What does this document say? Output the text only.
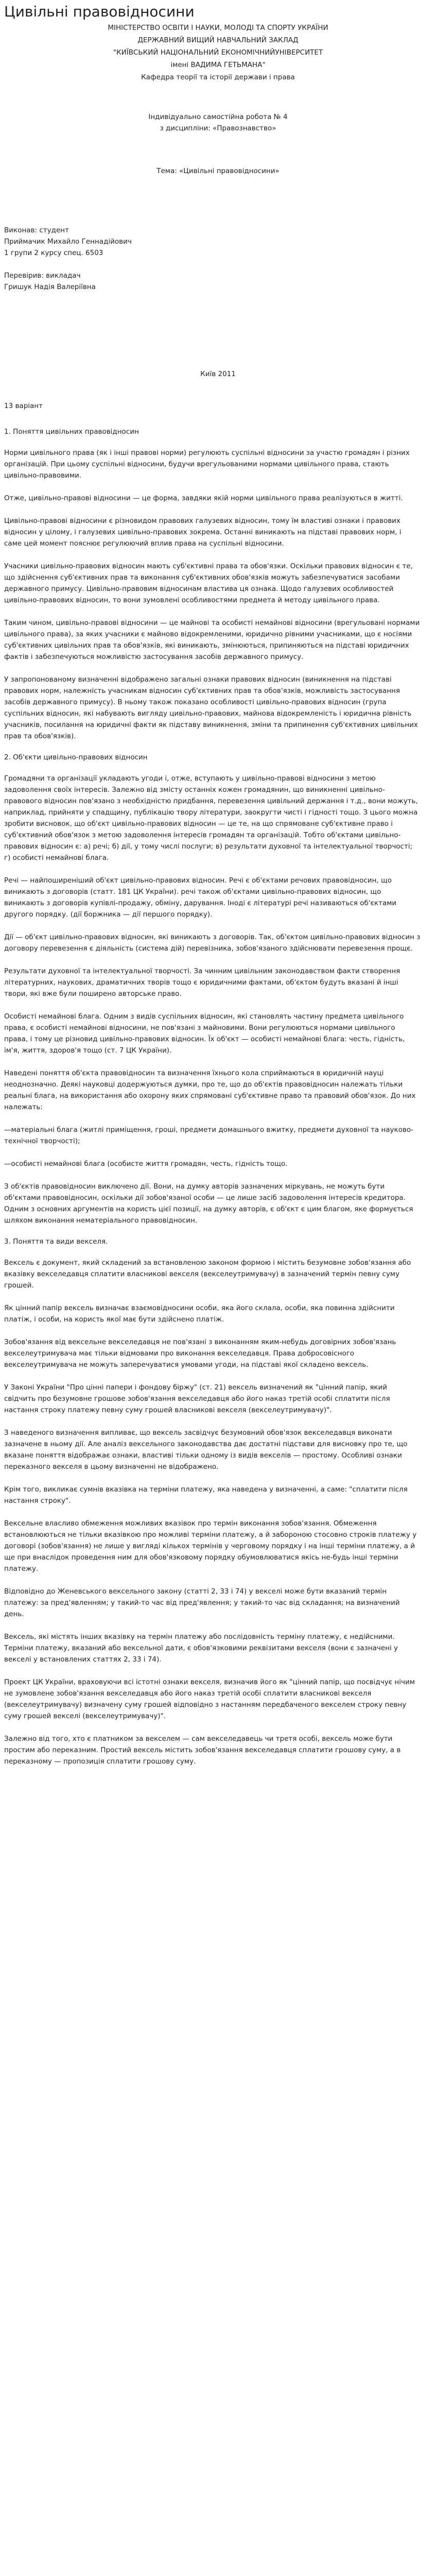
Цивільні правовідносини
МІНІСТЕРСТВО ОСВІТИ І НАУКИ, МОЛОДІ ТА СПОРТУ УКРАЇНИ
ДЕРЖАВНИЙ ВИЩИЙ НАВЧАЛЬНИЙ ЗАКЛАД
"КИЇВСЬКИЙ НАЦІОНАЛЬНИЙ ЕКОНОМІЧНИЙУНІВЕРСИТЕТ
імені ВАДИМА ГЕТЬМАНА"
Кафедра теорії та історії держави і права
Індивідуально самостійна робота № 4
з дисципліни: «Правознавство»
Тема: «Цивільні правовідносини»
Виконав: студент
Приймачик Михайло Геннадійович
1 групи 2 курсу спец. 6503
Перевірив: викладач
Гришук Надія Валеріївна
Київ 2011
13 варіант
1. Поняття цивільних правовідносин

Норми цивільного права (як і інші правові норми) регулюють суспільні відносини за участю громадян і різних організацій. При цьому суспільні відносини, будучи врегульованими нормами цивільного права, стають цивільно-правовими.

Отже, цивільно-правові відносини — це форма, завдяки якій норми цивільного права реалізуються в житті.

Цивільно-правові відносини є різновидом правових галузевих відносин, тому їм властиві ознаки і правових відносин у цілому, і галузевих цивільно-правових зокрема. Останні виникають на підставі правових норм, і саме цей момент пояснює регулюючий вплив права на суспільні відносини.

Учасники цивільно-правових відносин мають суб'єктивні права та обов'язки. Оскільки правових відносин є те, що здійснення суб'єктивних прав та виконання суб'єктивних обов'язків можуть забезпечуватися засобами державного примусу. Цивільно-правовим відносинам властива ця ознака. Щодо галузевих особливостей цивільно-правових відносин, то вони зумовлені особливостями предмета й методу цивільного права.

Таким чином, цивільно-правові відносини — це майнові та особисті немайнові відносини (врегульовані нормами цивільного права), за яких учасники є майново відокремленими, юридично рівними учасниками, що є носіями суб'єктивних цивільних прав та обов'язків, які виникають, змінюються, припиняються на підставі юридичних фактів і забезпечуються можливістю застосування засобів державного примусу.

У запропонованому визначенні відображено загальні ознаки правових відносин (виникнення на підставі правових норм, належність учасникам відносин суб'єктивних прав та обов'язків, можливість застосування засобів державного примусу). В ньому також показано особливості цивільно-правових відносин (група суспільних відносин, які набувають вигляду цивільно-правових, майнова відокремленість і юридична рівність учасників, посилання на юридичні факти як підставу виникнення, зміни та припинення суб'єктивних цивільних прав та обов'язків).

2. Об'єкти цивільно-правових відносин

Громадяни та організації укладають угоди і, отже, вступають у цивільно-правові відносини з метою задоволення своїх інтересів. Залежно від змісту останніх кожен громадянин, що виникненні цивільно-правового відносин пов'язано з необхідністю придбання, перевезення цивільний держання і т.д., вони можуть, наприклад, прийняти у спадщину, публікацію твору літератури, заокругти чисті і гідності тощо. З цього можна зробити висновок, що об'єкт цивільно-правових відносин — це те, на що спрямоване суб'єктивне право і суб'єктивний обов'язок з метою задоволення інтересів громадян та організацій. Тобто об'єктами цивільно-правових відносин є: а) речі; б) дії, у тому числі послуги; в) результати духовної та інтелектуальної творчості; г) особисті немайнові блага.

Речі — найпоширеніший об'єкт цивільно-правових відносин. Речі є об'єктами речових правовідносин, що виникають з договорів (статт. 181 ЦК України). речі також об'єктами цивільно-правових відносин, що виникають з договорів купівлі-продажу, обміну, дарування. Іноді є літературі речі називаються об'єктами другого порядку. (дії боржника — дії першого порядку).

Дії — об'єкт цивільно-правових відносин, які виникають з договорів. Так, об'єктом цивільно-правових відносин з договору перевезення є діяльність (система дій) перевізника, зобов'язаного здійснювати перевезення прощє.

Результати духовної та інтелектуальної творчості. За чинним цивільним законодавством факти створення літературних, наукових, драматичних творів тощо є юридичними фактами, об'єктом будуть вказані й інші твори, які вже були поширено авторське право.

Особисті немайнові блага. Одним з видів суспільних відносин, які становлять частину предмета цивільного права, є особисті немайнові відносини, не пов'язані з майновими. Вони регулюються нормами цивільного права, і тому це різновид цивільно-правових відносин. Їх об'єкт — особисті немайнові блага: честь, гідність, ім'я, життя, здоров'я тощо (ст. 7 ЦК України).

Наведені поняття об'єкта правовідносин та визначення їхнього кола сприймаються в юридичній науці неоднозначно. Деякі науковці додержуються думки, про те, що до об'єктів правовідносин належать тільки реальні блага, на використання або охорону яких спрямовані суб'єктивне право та правовий обов'язок. До них належать:

—матеріальні блага (житлі приміщення, гроші, предмети домашнього вжитку, предмети духовної та науково-технічної творчості);

—особисті немайнові блага (особисте життя громадян, честь, гідність тощо.

З об'єктів правовідносин виключено дії. Вони, на думку авторів зазначених міркувань, не можуть бути об'єктами правовідносин, оскільки дії зобов'язаної особи — це лише засіб задоволення інтересів кредитора. Одним з основних аргументів на користь цієї позиції, на думку авторів, є об'єкт є цим благом, яке формується шляхом виконання нематеріального правовідносин.

3. Поняття та види векселя.

Вексель є документ, який складений за встановленою законом формою і містить безумовне зобов'язання або вказівку векселедавця сплатити власникові векселя (векселеутримувачу) в зазначений термін певну суму грошей.

Як цінний папір вексель визначає взаємовідносини особи, яка його склала, особи, яка повинна здійснити платіж, і особи, на користь якої має бути здійснено платіж.

Зобов'язання від вексельне векселедавця не пов'язані з виконанням яким-небудь договірних зобов'язань векселеутримувача має тільки відмовами про виконання векселедавця. Права добросовісного векселеутримувача не можуть заперечуватися умовами угоди, на підставі якої складено вексель.

У Законі України "Про цінні папери і фондову біржу" (ст. 21) вексель визначений як "цінний папір, який свідчить про безумовне грошове зобов'язання векселедавця або його наказ третій особі сплатити після настання строку платежу певну суму грошей власникові векселя (векселеутримувачу)".

З наведеного визначення випливає, що вексель засвідчує безумовний обов'язок векселедавця виконати зазначене в ньому дії. Але аналіз вексельного законодавства дає достатні підстави для висновку про те, що вказане поняття відображає ознаки, властиві тільки одному із видів векселів — простому. Особливі ознаки переказного векселя в цьому визначенні не відображено.

Крім того, викликає сумнів вказівка на терміни платежу, яка наведена у визначенні, а саме: "сплатити після настання строку".

Вексельне власливо обмеження можливих вказівок про термін виконання зобов'язання. Обмеження встановлюються не тільки вказівкою про можливі терміни платежу, а й забороною стосовно строків платежу у договорі (зобов'язання) не лише у вигляді кількох термінів у черговому порядку і на інші терміни платежу, а й ще при внаслідок проведення ним для обов'язковому порядку обумовлюватися якісь не-будь інші терміни платежу.

Відповідно до Женевського вексельного закону (статті 2, 33 і 74) у векселі може бути вказаний термін платежу: за пред'явленням; у такий-то час від пред'явлення; у такий-то час від складання; на визначений день.

Вексель, які містять інших вказівку на термін платежу або послідовність терміну платежу, є недійсними. Терміни платежу, вказаний або вексельної дати, є обов'язковими реквізитами векселя (вони є зазначені у векселі у встановлених статтях 2, 33 і 74).

Проект ЦК України, враховуючи всі істотні ознаки векселя, визначив його як "цінний папір, що посвідчує нічим не зумовлене зобов'язання векселедавця або його наказ третій особі сплатити власникові векселя (векселеутримувачу) визначену суму грошей відповідно з настанням передбаченого векселем строку певну суму грошей векселі (векселеутримувачу)".

Залежно від того, хто є платником за векселем — сам векселедавець чи третя особі, вексель може бути простим або переказним. Простий вексель містить зобов'язання векселедавця сплатити грошову суму, а в переказному — пропозиція сплатити грошову суму.
